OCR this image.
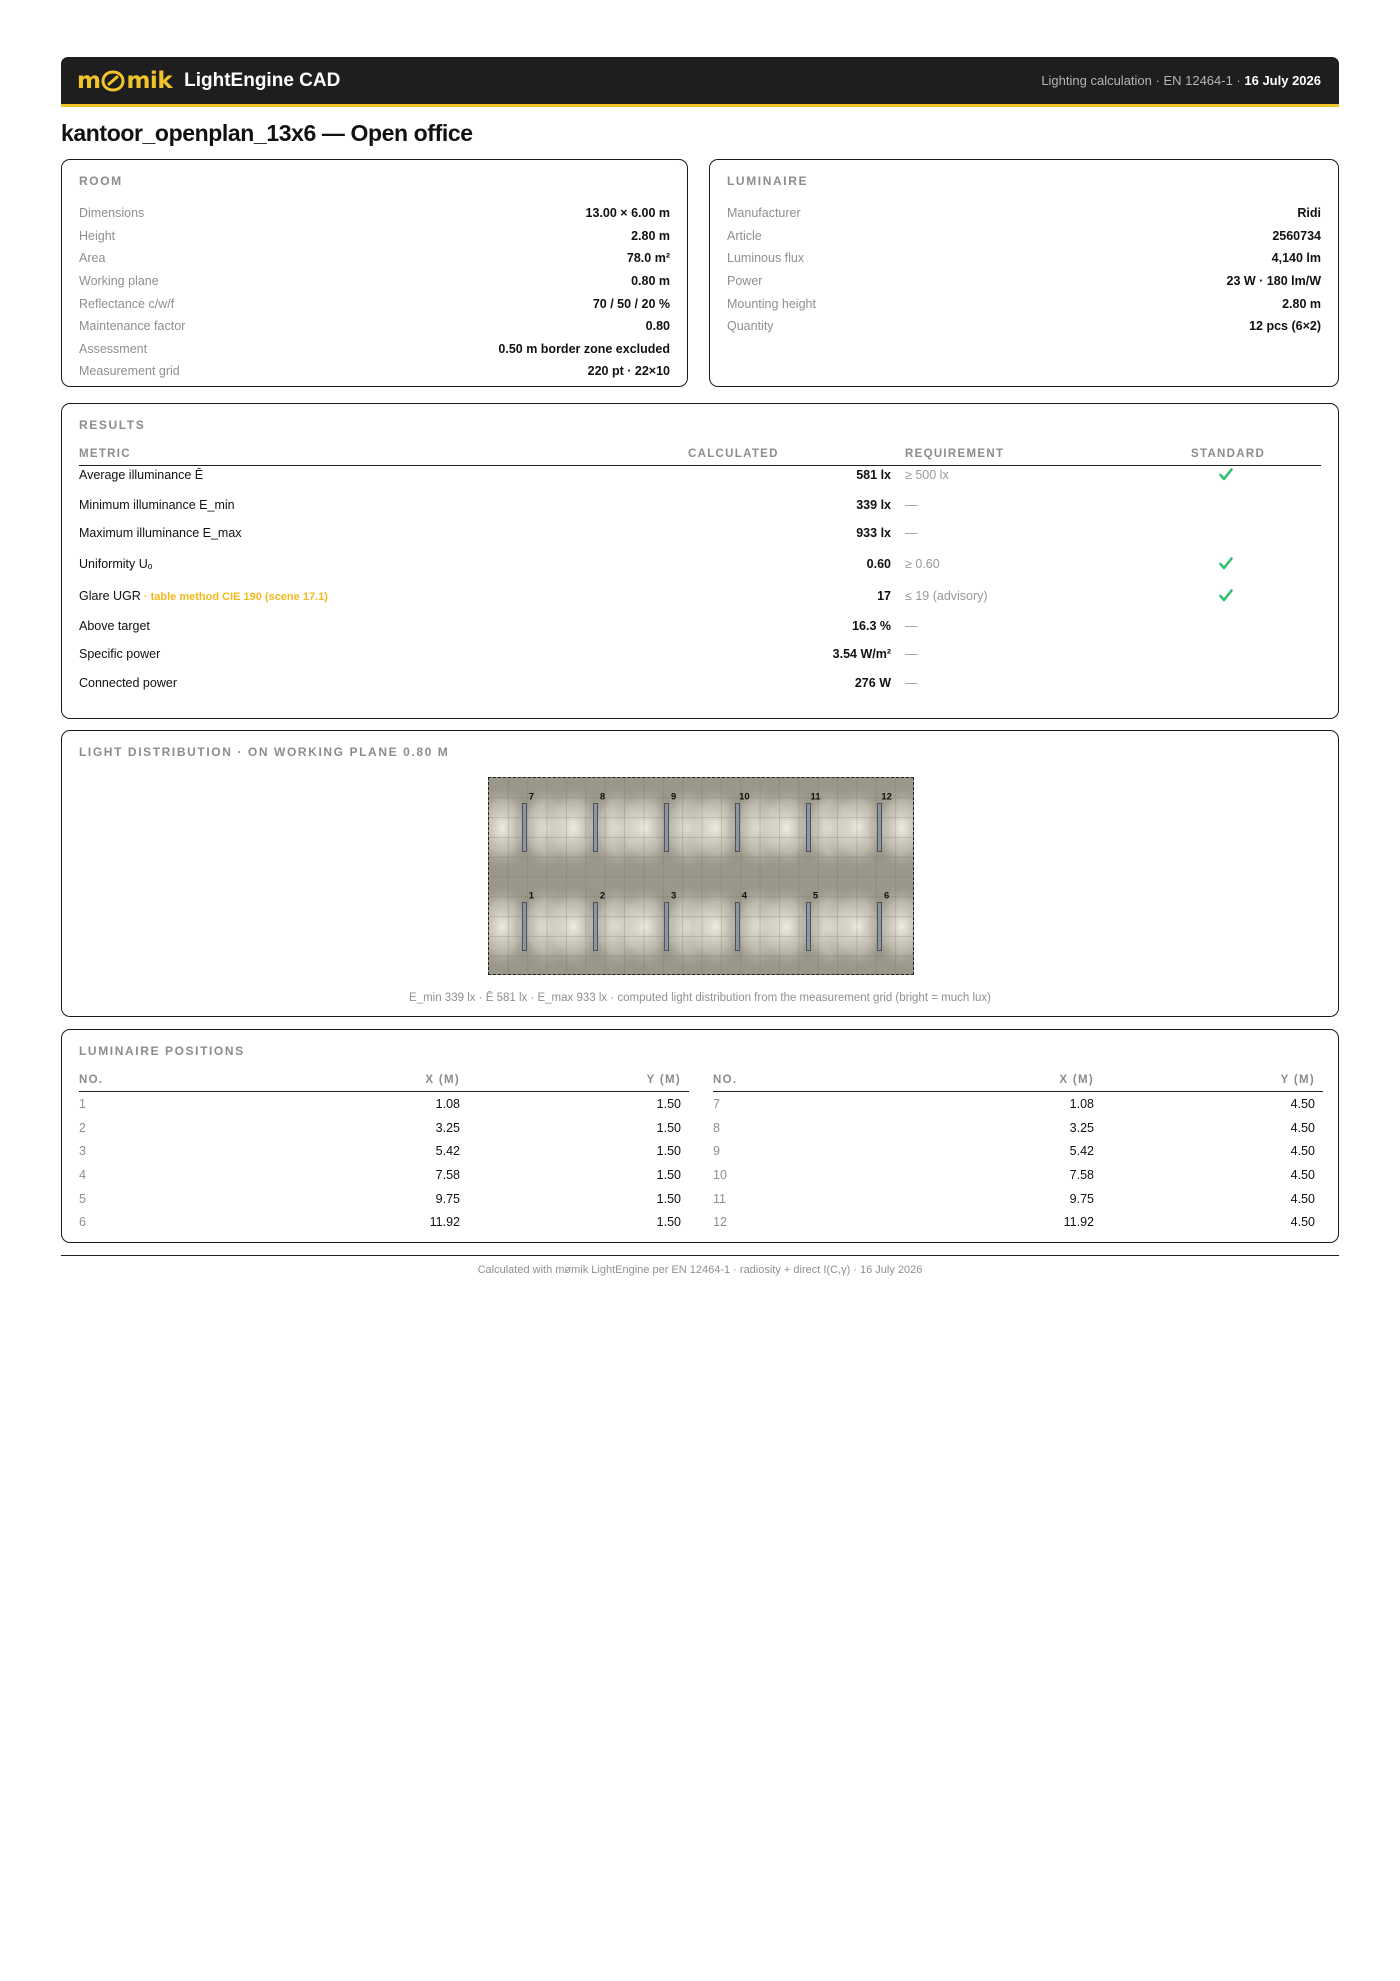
m mik LightEngine CAD	Lighting calculation · EN 12464-1 · 16 July 2026
kantoor_openplan_13x6 — Open office
ROOM
Dimensions	13.00 × 6.00 m
Height	2.80 m
Area	78.0 m²
Working plane	0.80 m
Reflectance c/w/f	70 / 50 / 20 %
Maintenance factor	0.80
Assessment	0.50 m border zone excluded
Measurement grid	220 pt · 22×10
LUMINAIRE
Manufacturer	Ridi
Article	2560734
Luminous flux	4,140 lm
Power	23 W · 180 lm/W
Mounting height	2.80 m
Quantity	12 pcs (6×2)
RESULTS
METRIC	CALCULATED	REQUIREMENT	STANDARD
Average illuminance Ē	581 lx ≥ 500 lx
Minimum illuminance E_min	339 lx —
Maximum illuminance E_max	933 lx —
Uniformity Uₒ	0.60 ≥ 0.60
Glare UGR · table method CIE 190 (scene 17.1)	17 ≤ 19 (advisory)
Above target	16.3 % —
Specific power	3.54 W/m² —
Connected power	276 W —
LIGHT DISTRIBUTION · ON WORKING PLANE 0.80 M
1	2	3	4	5	6
7	8	9	10	11	12
E_min 339 lx · Ē 581 lx · E_max 933 lx · computed light distribution from the measurement grid (bright = much lux)
LUMINAIRE POSITIONS
NO.	X (M)	Y (M)
1	1.08	1.50
2	3.25	1.50
3	5.42	1.50
4	7.58	1.50
5	9.75	1.50
6	11.92	1.50
NO.	X (M)	Y (M)
7	1.08	4.50
8	3.25	4.50
9	5.42	4.50
10	7.58	4.50
11	9.75	4.50
12	11.92	4.50
Calculated with mømik LightEngine per EN 12464-1 · radiosity + direct I(C,γ) · 16 July 2026
